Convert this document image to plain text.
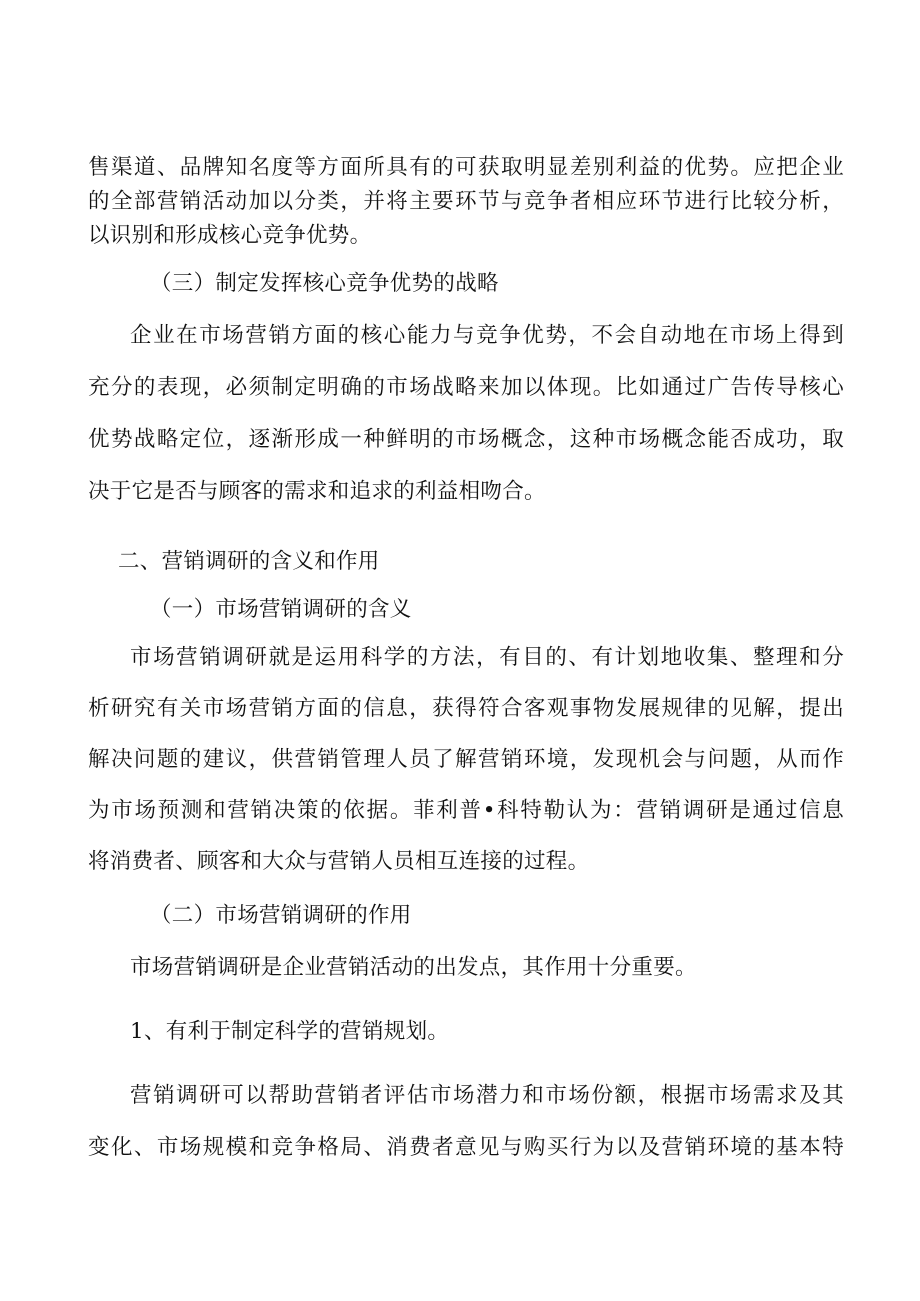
售渠道、品牌知名度等方面所具有的可获取明显差别利益的优势。应把企业
的全部营销活动加以分类，并将主要环节与竞争者相应环节进行比较分析，
以识别和形成核心竞争优势。
（三）制定发挥核心竞争优势的战略
企业在市场营销方面的核心能力与竞争优势，不会自动地在市场上得到
充分的表现，必须制定明确的市场战略来加以体现。比如通过广告传导核心
优势战略定位，逐渐形成一种鲜明的市场概念，这种市场概念能否成功，取
决于它是否与顾客的需求和追求的利益相吻合。
二、营销调研的含义和作用
（一）市场营销调研的含义
市场营销调研就是运用科学的方法，有目的、有计划地收集、整理和分
析研究有关市场营销方面的信息，获得符合客观事物发展规律的见解，提出
解决问题的建议，供营销管理人员了解营销环境，发现机会与问题，从而作
为市场预测和营销决策的依据。菲利普•科特勒认为：营销调研是通过信息
将消费者、顾客和大众与营销人员相互连接的过程。
（二）市场营销调研的作用
市场营销调研是企业营销活动的出发点，其作用十分重要。
1、有利于制定科学的营销规划。
营销调研可以帮助营销者评估市场潜力和市场份额，根据市场需求及其
变化、市场规模和竞争格局、消费者意见与购买行为以及营销环境的基本特
